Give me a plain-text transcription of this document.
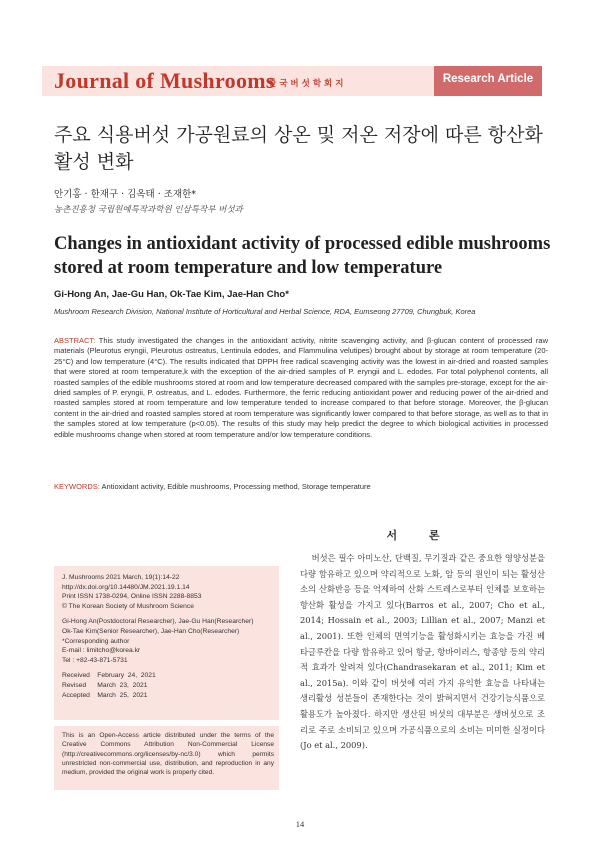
Journal of Mushrooms
한국버섯학회지	Research Article
주요 식용버섯 가공원료의 상온 및 저온 저장에 따른 항산화
활성 변화
안기홍 · 한재구 · 김옥태 · 조재한*
농촌진흥청 국립원예특작과학원 인삼특작부 버섯과
Changes in antioxidant activity of processed edible mushrooms
stored at room temperature and low temperature
Gi-Hong An, Jae-Gu Han, Ok-Tae Kim, Jae-Han Cho*
Mushroom Research Division, National Institute of Horticultural and Herbal Science, RDA, Eumseong 27709, Chungbuk, Korea
ABSTRACT: This study investigated the changes in the antioxidant activity, nitrite scavenging activity, and β-glucan content of processed raw materials (Pleurotus eryngii, Pleurotus ostreatus, Lentinula edodes, and Flammulina velutipes) brought about by storage at room temperature (20-25°C) and low temperature (4°C). The results indicated that DPPH free radical scavenging activity was the lowest in air-dried and roasted samples that were stored at room temperature,k with the exception of the air-dried samples of P. eryngii and L. edodes. For total polyphenol contents, all roasted samples of the edible mushrooms stored at room and low temperature decreased compared with the samples pre-storage, except for the air-dried samples of P. eryngii, P. ostreatus, and L. edodes. Furthermore, the ferric reducing antioxidant power and reducing power of the air-dried and roasted samples stored at room temperature and low temperature tended to increase compared to that before storage. Moreover, the β-glucan content in the air-dried and roasted samples stored at room temperature was significantly lower compared to that before storage, as well as to that in the samples stored at low temperature (p<0.05). The results of this study may help predict the degree to which biological activities in processed edible mushrooms change when stored at room temperature and/or low temperature conditions.
KEYWORDS: Antioxidant activity, Edible mushrooms, Processing method, Storage temperature
서 론
버섯은 필수 아미노산, 단백질, 무기질과 같은 중요한 영양성분을 다량 함유하고 있으며 약리적으로 노화, 암 등의 원인이 되는 활성산소의 산화반응 등을 억제하여 산화 스트레스로부터 인체를 보호하는 항산화 활성을 가지고 있다(Barros et al., 2007; Cho et al., 2014; Hossain et al., 2003; Lillian et al., 2007; Manzi et al., 2001). 또한 인체의 면역기능을 활성화시키는 효능을 가진 베타글루칸을 다량 함유하고 있어 항균, 항바이러스, 항종양 등의 약리적 효과가 알려져 있다(Chandrasekaran et al., 2011; Kim et al., 2015a). 이와 같이 버섯에 여러 가지 유익한 효능을 나타내는 생리활성 성분들이 존재한다는 것이 밝혀지면서 건강기능식품으로 활용도가 높아졌다. 하지만 생산된 버섯의 대부분은 생버섯으로 조리로 주로 소비되고 있으며 가공식품으로의 소비는 미미한 실정이다(Jo et al., 2009).
J. Mushrooms 2021 March, 19(1):14-22
http://dx.doi.org/10.14480/JM.2021.19.1.14
Print ISSN 1738-0294, Online ISSN 2288-8853
© The Korean Society of Mushroom Science
Gi-Hong An(Postdoctoral Researcher), Jae-Gu Han(Researcher)
Ok-Tae Kim(Senior Researcher), Jae-Han Cho(Researcher)
*Corresponding author
E-mail : limitcho@korea.kr
Tel : +82-43-871-5731
Received    February  24,  2021
Revised      March  23,  2021
Accepted    March  25,  2021
This is an Open-Access article distributed under the terms of the Creative Commons Attribution Non-Commercial License (http://creativecommons.org/licenses/by-nc/3.0) which permits unrestricted non-commercial use, distribution, and reproduction in any medium, provided the original work is properly cited.
14
